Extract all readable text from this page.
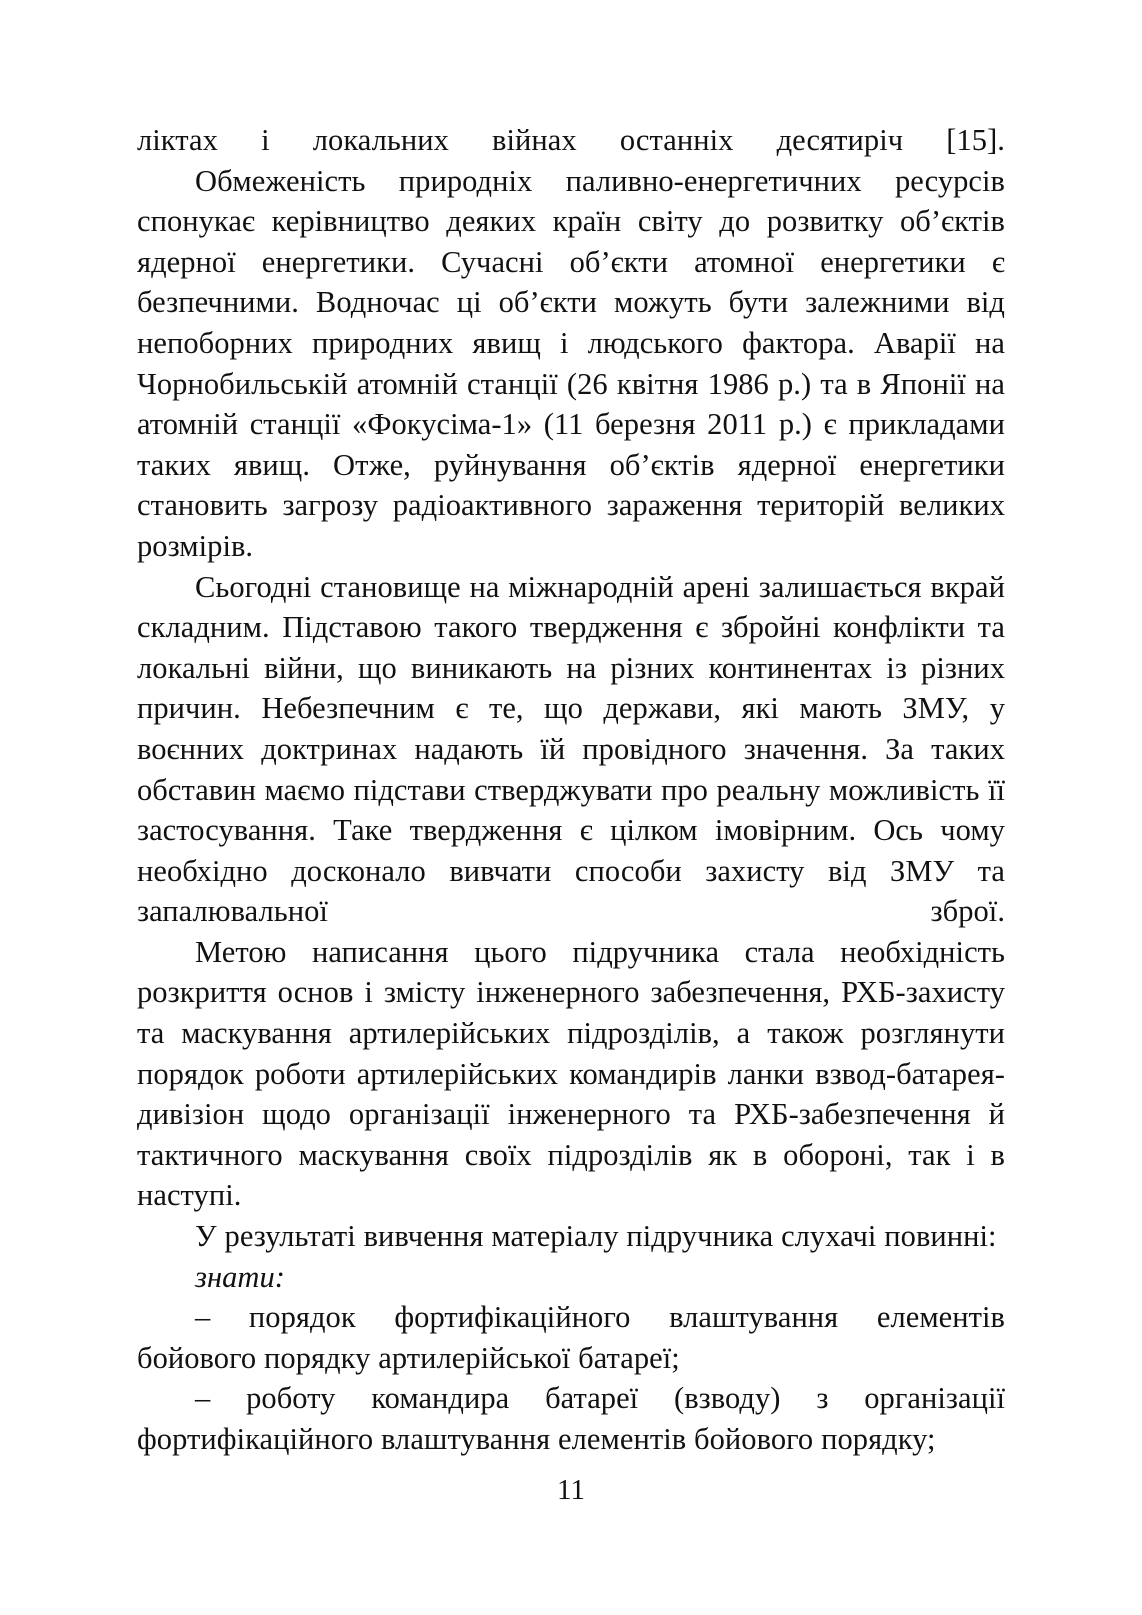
ліктах і локальних війнах останніх десятиріч [15].

Обмеженість природніх паливно-енергетичних ресурсів спонукає керівництво деяких країн світу до розвитку об’єктів ядерної енергетики. Сучасні об’єкти атомної енергетики є безпечними. Водночас ці об’єкти можуть бути залежними від непоборних природних явищ і людського фактора. Аварії на Чорнобильській атомній станції (26 квітня 1986 р.) та в Японії на атомній станції «Фокусіма-1» (11 березня 2011 р.) є прикладами таких явищ. Отже, руйнування об’єктів ядерної енергетики становить загрозу радіоактивного зараження територій великих розмірів.

Сьогодні становище на міжнародній арені залишається вкрай складним. Підставою такого твердження є збройні конфлікти та локальні війни, що виникають на різних континентах із різних причин. Небезпечним є те, що держави, які мають ЗМУ, у воєнних доктринах надають їй провідного значення. За таких обставин маємо підстави стверджувати про реальну можливість її застосування. Таке твердження є цілком імовірним. Ось чому необхідно досконало вивчати способи захисту від ЗМУ та запалювальної зброї.

Метою написання цього підручника стала необхідність розкриття основ і змісту інженерного забезпечення, РХБ-захисту та маскування артилерійських підрозділів, а також розглянути порядок роботи артилерійських командирів ланки взвод-батарея-дивізіон щодо організації інженерного та РХБ-забезпечення й тактичного маскування своїх підрозділів як в обороні, так і в наступі.

У результаті вивчення матеріалу підручника слухачі повинні:

знати:

– порядок фортифікаційного влаштування елементів бойового порядку артилерійської батареї;

– роботу командира батареї (взводу) з організації фортифікаційного влаштування елементів бойового порядку;

11
